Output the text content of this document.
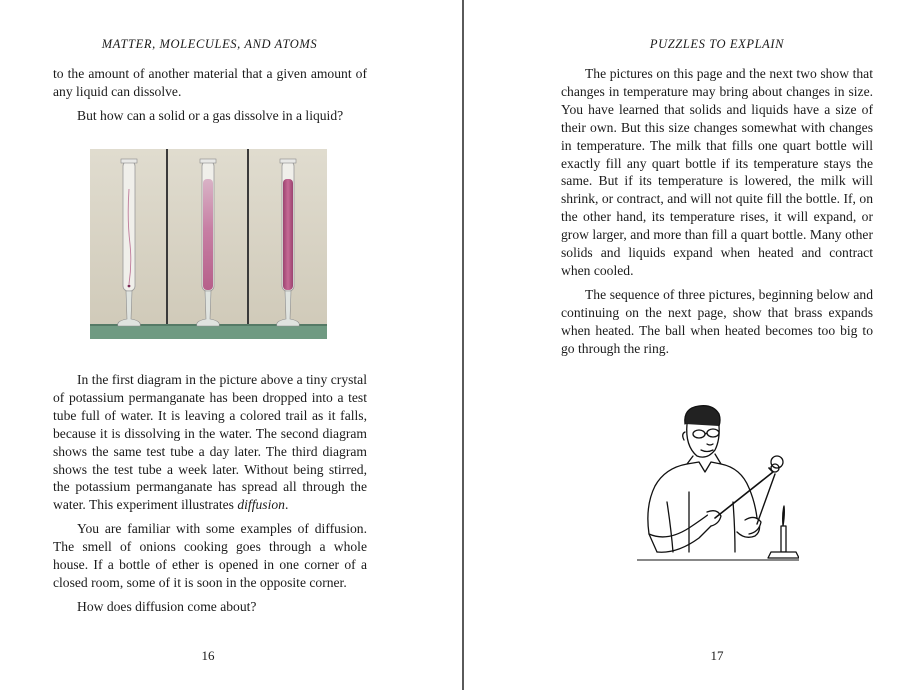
MATTER, MOLECULES, AND ATOMS

to the amount of another material that a given amount of any liquid can dissolve.

But how can a solid or a gas dissolve in a liquid?

In the first diagram in the picture above a tiny crystal of potassium permanganate has been dropped into a test tube full of water. It is leaving a colored trail as it falls, because it is dissolving in the water. The second diagram shows the same test tube a day later. The third diagram shows the test tube a week later. Without being stirred, the potassium permanganate has spread all through the water. This experiment illustrates diffusion.

You are familiar with some examples of diffusion. The smell of onions cooking goes through a whole house. If a bottle of ether is opened in one corner of a closed room, some of it is soon in the opposite corner.

How does diffusion come about?

16
PUZZLES TO EXPLAIN

The pictures on this page and the next two show that changes in temperature may bring about changes in size. You have learned that solids and liquids have a size of their own. But this size changes somewhat with changes in temperature. The milk that fills one quart bottle will exactly fill any quart bottle if its temperature stays the same. But if its temperature is lowered, the milk will shrink, or contract, and will not quite fill the bottle. If, on the other hand, its temperature rises, it will expand, or grow larger, and more than fill a quart bottle. Many other solids and liquids expand when heated and contract when cooled.

The sequence of three pictures, beginning below and continuing on the next page, show that brass expands when heated. The ball when heated becomes too big to go through the ring.

17
